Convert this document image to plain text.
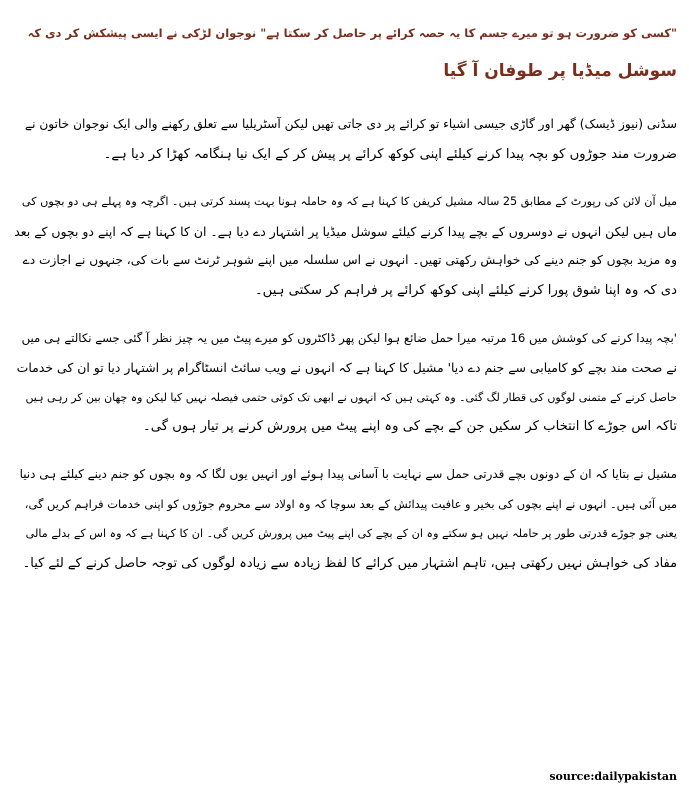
"کسی کو ضرورت ہو تو میرے جسم کا یہ حصہ کرائے پر حاصل کر سکتا ہے" نوجوان لڑکی نے ایسی پیشکش کر دی کہ
سوشل میڈیا پر طوفان آ گیا

سڈنی (نیوز ڈیسک) گھر اور گاڑی جیسی اشیاء تو کرائے پر دی جاتی تھیں لیکن آسٹریلیا سے تعلق رکھنے والی ایک نوجوان خاتون نے
ضرورت مند جوڑوں کو بچہ پیدا کرنے کیلئے اپنی کوکھ کرائے پر پیش کر کے ایک نیا ہنگامہ کھڑا کر دیا ہے۔

میل آن لائن کی رپورٹ کے مطابق 25 سالہ مشیل کریفن کا کہنا ہے کہ وہ حاملہ ہونا بہت پسند کرتی ہیں۔ اگرچہ وہ پہلے ہی دو بچوں کی
ماں ہیں لیکن انہوں نے دوسروں کے بچے پیدا کرنے کیلئے سوشل میڈیا پر اشتہار دے دیا ہے۔ ان کا کہنا ہے کہ اپنے دو بچوں کے بعد
وہ مزید بچوں کو جنم دینے کی خواہش رکھتی تھیں۔ انہوں نے اس سلسلہ میں اپنے شوہر ٹرنٹ سے بات کی، جنہوں نے اجازت دے
دی کہ وہ اپنا شوق پورا کرنے کیلئے اپنی کوکھ کرائے پر فراہم کر سکتی ہیں۔

'بچہ پیدا کرنے کی کوشش میں 16 مرتبہ میرا حمل ضائع ہوا لیکن پھر ڈاکٹروں کو میرے پیٹ میں یہ چیز نظر آ گئی جسے نکالتے ہی میں
نے صحت مند بچے کو کامیابی سے جنم دے دیا' مشیل کا کہنا ہے کہ انہوں نے ویب سائٹ انسٹاگرام پر اشتہار دیا تو ان کی خدمات
حاصل کرنے کے متمنی لوگوں کی قطار لگ گئی۔ وہ کہتی ہیں کہ انہوں نے ابھی تک کوئی حتمی فیصلہ نہیں کیا لیکن وہ چھان بین کر رہی ہیں
تاکہ اس جوڑے کا انتخاب کر سکیں جن کے بچے کی وہ اپنے پیٹ میں پرورش کرنے پر تیار ہوں گی۔

مشیل نے بتایا کہ ان کے دونوں بچے قدرتی حمل سے نہایت با آسانی پیدا ہوئے اور انہیں یوں لگا کہ وہ بچوں کو جنم دینے کیلئے ہی دنیا
میں آئی ہیں۔ انہوں نے اپنے بچوں کی بخیر و عافیت پیدائش کے بعد سوچا کہ وہ اولاد سے محروم جوڑوں کو اپنی خدمات فراہم کریں گی،
یعنی جو جوڑے قدرتی طور پر حاملہ نہیں ہو سکتے وہ ان کے بچے کی اپنے پیٹ میں پرورش کریں گی۔ ان کا کہنا ہے کہ وہ اس کے بدلے مالی
مفاد کی خواہش نہیں رکھتی ہیں، تاہم اشتہار میں کرائے کا لفظ زیادہ سے زیادہ لوگوں کی توجہ حاصل کرنے کے لئے کیا۔

source:dailypakistan
